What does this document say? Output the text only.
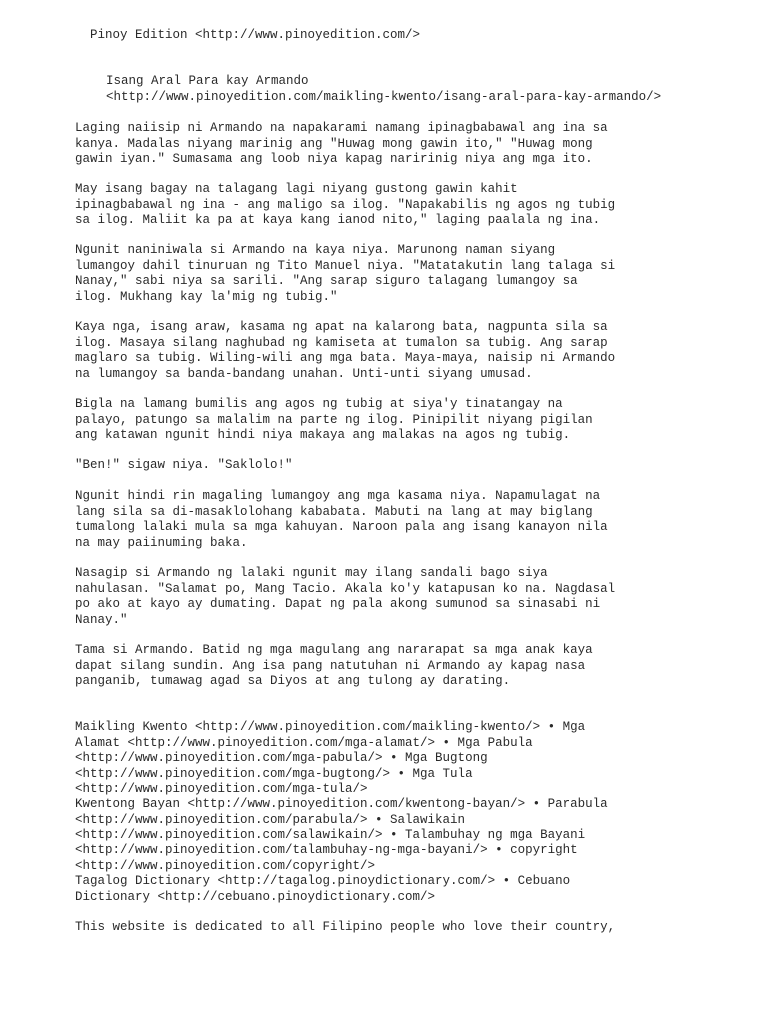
Pinoy Edition <http://www.pinoyedition.com/>
Isang Aral Para kay Armando
<http://www.pinoyedition.com/maikling-kwento/isang-aral-para-kay-armando/>
Laging naiisip ni Armando na napakarami namang ipinagbabawal ang ina sa
kanya. Madalas niyang marinig ang "Huwag mong gawin ito," "Huwag mong
gawin iyan." Sumasama ang loob niya kapag naririnig niya ang mga ito.
May isang bagay na talagang lagi niyang gustong gawin kahit
ipinagbabawal ng ina - ang maligo sa ilog. "Napakabilis ng agos ng tubig
sa ilog. Maliit ka pa at kaya kang ianod nito," laging paalala ng ina.
Ngunit naniniwala si Armando na kaya niya. Marunong naman siyang
lumangoy dahil tinuruan ng Tito Manuel niya. "Matatakutin lang talaga si
Nanay," sabi niya sa sarili. "Ang sarap siguro talagang lumangoy sa
ilog. Mukhang kay la'mig ng tubig."
Kaya nga, isang araw, kasama ng apat na kalarong bata, nagpunta sila sa
ilog. Masaya silang naghubad ng kamiseta at tumalon sa tubig. Ang sarap
maglaro sa tubig. Wiling-wili ang mga bata. Maya-maya, naisip ni Armando
na lumangoy sa banda-bandang unahan. Unti-unti siyang umusad.
Bigla na lamang bumilis ang agos ng tubig at siya'y tinatangay na
palayo, patungo sa malalim na parte ng ilog. Pinipilit niyang pigilan
ang katawan ngunit hindi niya makaya ang malakas na agos ng tubig.
"Ben!" sigaw niya. "Saklolo!"
Ngunit hindi rin magaling lumangoy ang mga kasama niya. Napamulagat na
lang sila sa di-masaklolohang kababata. Mabuti na lang at may biglang
tumalong lalaki mula sa mga kahuyan. Naroon pala ang isang kanayon nila
na may paiinuming baka.
Nasagip si Armando ng lalaki ngunit may ilang sandali bago siya
nahulasan. "Salamat po, Mang Tacio. Akala ko'y katapusan ko na. Nagdasal
po ako at kayo ay dumating. Dapat ng pala akong sumunod sa sinasabi ni
Nanay."
Tama si Armando. Batid ng mga magulang ang nararapat sa mga anak kaya
dapat silang sundin. Ang isa pang natutuhan ni Armando ay kapag nasa
panganib, tumawag agad sa Diyos at ang tulong ay darating.
Maikling Kwento <http://www.pinoyedition.com/maikling-kwento/> • Mga
Alamat <http://www.pinoyedition.com/mga-alamat/> • Mga Pabula
<http://www.pinoyedition.com/mga-pabula/> • Mga Bugtong
<http://www.pinoyedition.com/mga-bugtong/> • Mga Tula
<http://www.pinoyedition.com/mga-tula/>
Kwentong Bayan <http://www.pinoyedition.com/kwentong-bayan/> • Parabula
<http://www.pinoyedition.com/parabula/> • Salawikain
<http://www.pinoyedition.com/salawikain/> • Talambuhay ng mga Bayani
<http://www.pinoyedition.com/talambuhay-ng-mga-bayani/> • copyright
<http://www.pinoyedition.com/copyright/>
Tagalog Dictionary <http://tagalog.pinoydictionary.com/> • Cebuano
Dictionary <http://cebuano.pinoydictionary.com/>
This website is dedicated to all Filipino people who love their country,
